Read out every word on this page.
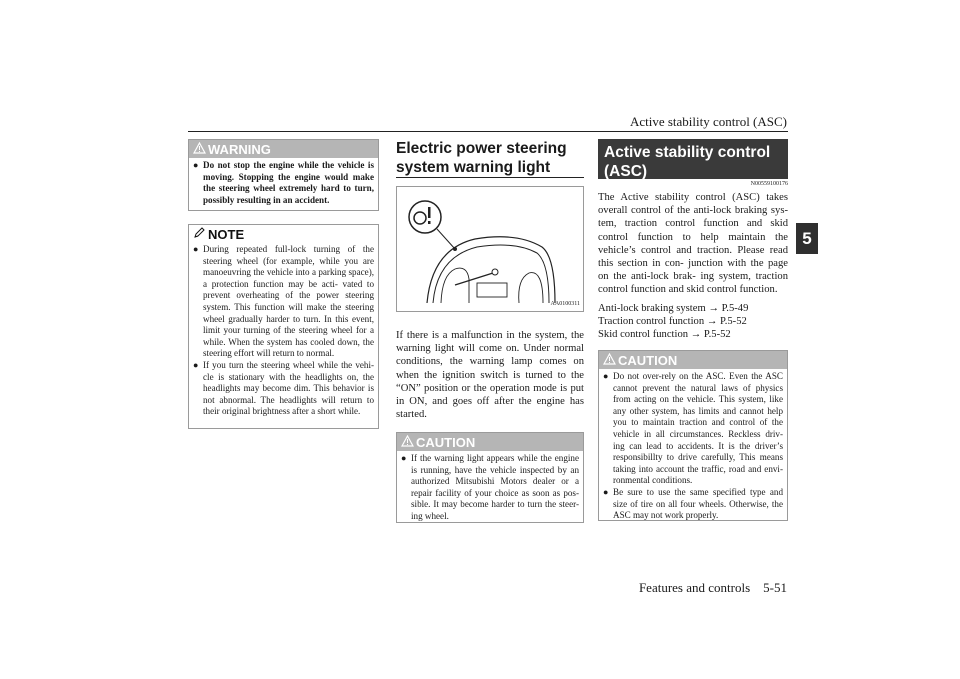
Active stability control (ASC)
5
WARNING
● Do not stop the engine while the vehicle is moving. Stopping the engine would make the steering wheel extremely hard to turn, possibly resulting in an accident.
NOTE
● During repeated full-lock turning of the steering wheel (for example, while you are manoeuvring the vehicle into a parking space), a protection function may be acti- vated to prevent overheating of the power steering system. This function will make the steering wheel gradually harder to turn. In this event, limit your turning of the steering wheel for a while. When the system has cooled down, the steering effort will return to normal.
● If you turn the steering wheel while the vehi- cle is stationary with the headlights on, the headlights may become dim. This behavior is not abnormal. The headlights will return to their original brightness after a short while.
Electric power steering system warning light
AA0100311
If there is a malfunction in the system, the warning light will come on. Under normal conditions, the warning lamp comes on when the ignition switch is turned to the “ON” position or the operation mode is put in ON, and goes off after the engine has started.
CAUTION
● If the warning light appears while the engine is running, have the vehicle inspected by an authorized Mitsubishi Motors dealer or a repair facility of your choice as soon as pos- sible. It may become harder to turn the steer- ing wheel.
Active stability control (ASC)
N00559100176
The Active stability control (ASC) takes overall control of the anti-lock braking sys- tem, traction control function and skid control function to help maintain the vehicle’s control and traction. Please read this section in con- junction with the page on the anti-lock brak- ing system, traction control function and skid control function.
Anti-lock braking system → P.5-49
Traction control function → P.5-52
Skid control function → P.5-52
CAUTION
● Do not over-rely on the ASC. Even the ASC cannot prevent the natural laws of physics from acting on the vehicle. This system, like any other system, has limits and cannot help you to maintain traction and control of the vehicle in all circumstances. Reckless driv- ing can lead to accidents. It is the driver’s responsibillty to drive carefully, This means taking into account the traffic, road and envi- ronmental conditions.
● Be sure to use the same specified type and size of tire on all four wheels. Otherwise, the ASC may not work properly.
Features and controls 5-51
